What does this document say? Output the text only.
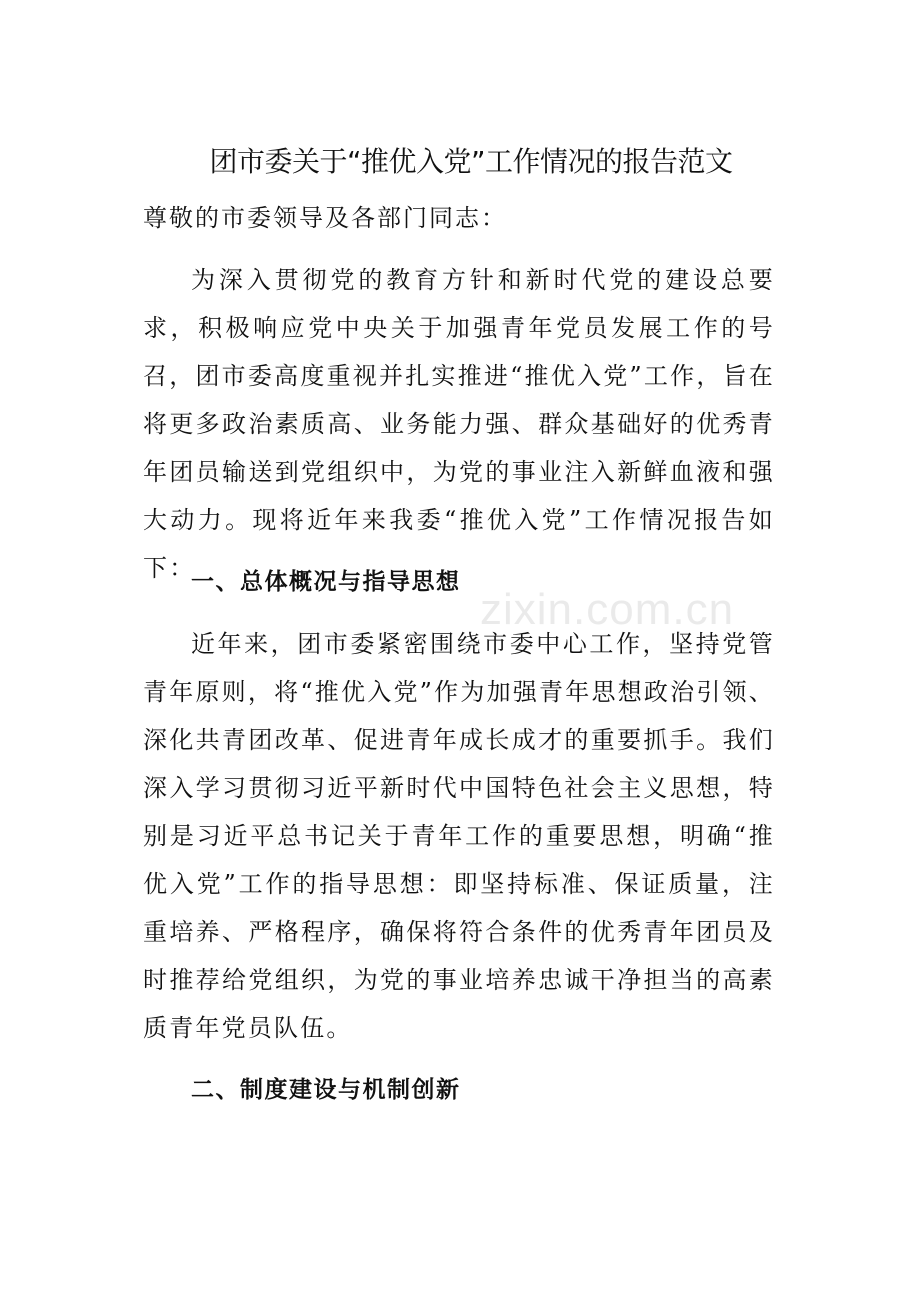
zixin.com.cn
团市委关于“推优入党”工作情况的报告范文
尊敬的市委领导及各部门同志：

为深入贯彻党的教育方针和新时代党的建设总要求，积极响应党中央关于加强青年党员发展工作的号召，团市委高度重视并扎实推进“推优入党”工作，旨在将更多政治素质高、业务能力强、群众基础好的优秀青年团员输送到党组织中，为党的事业注入新鲜血液和强大动力。现将近年来我委“推优入党”工作情况报告如下：

一、总体概况与指导思想

近年来，团市委紧密围绕市委中心工作，坚持党管青年原则，将“推优入党”作为加强青年思想政治引领、深化共青团改革、促进青年成长成才的重要抓手。我们深入学习贯彻习近平新时代中国特色社会主义思想，特别是习近平总书记关于青年工作的重要思想，明确“推优入党”工作的指导思想：即坚持标准、保证质量，注重培养、严格程序，确保将符合条件的优秀青年团员及时推荐给党组织，为党的事业培养忠诚干净担当的高素质青年党员队伍。

二、制度建设与机制创新
